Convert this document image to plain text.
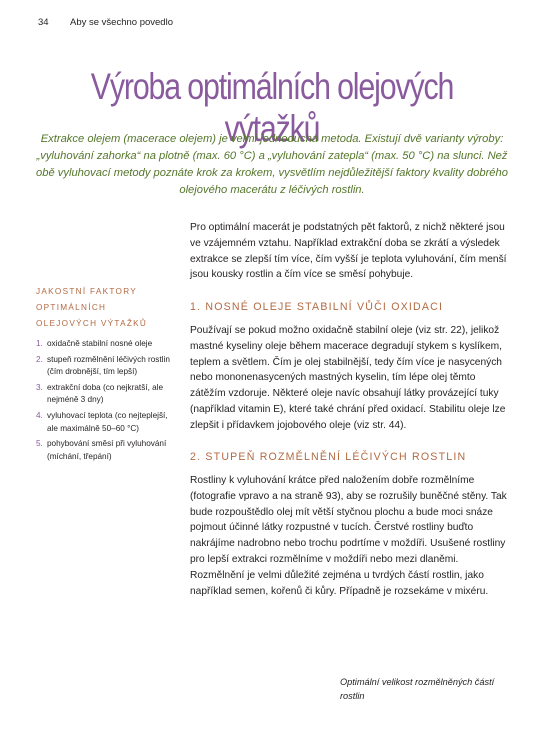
34 Aby se všechno povedlo
Výroba optimálních olejových výtažků
Extrakce olejem (macerace olejem) je velmi jednoduchá metoda. Existují dvě varianty výroby: „vyluhování zahorka“ na plotně (max. 60 °C) a „vyluhování zatepla“ (max. 50 °C) na slunci. Než obě vyluhovací metody poznáte krok za krokem, vysvětlím nejdůležitější faktory kvality dobrého olejového macerátu z léčivých rostlin.
JAKOSTNÍ FAKTORY OPTIMÁLNÍCH OLEJOVÝCH VÝTAŽKŮ
1. oxidačně stabilní nosné oleje
2. stupeň rozmělnění léčivých rostlin (čím drobnější, tím lepší)
3. extrakční doba (co nejkratší, ale nejméně 3 dny)
4. vyluhovací teplota (co nejteplejší, ale maximálně 50–60 °C)
5. pohybování směsí při vyluhování (míchání, třepání)

Pro optimální macerát je podstatných pět faktorů, z nichž některé jsou ve vzájemném vztahu. Například extrakční doba se zkrátí a výsledek extrakce se zlepší tím více, čím vyšší je teplota vyluhování, čím menší jsou kousky rostlin a čím více se směsí pohybuje.

1. NOSNÉ OLEJE STABILNÍ VŮČI OXIDACI

Používají se pokud možno oxidačně stabilní oleje (viz str. 22), jelikož mastné kyseliny oleje během macerace degradují stykem s kyslíkem, teplem a světlem. Čím je olej stabilnější, tedy čím více je nasycených nebo mononenasycených mastných kyselin, tím lépe olej těmto zátěžím vzdoruje. Některé oleje navíc obsahují látky provázející tuky (například vitamin E), které také chrání před oxidací. Stabilitu oleje lze zlepšit i přídavkem jojobového oleje (viz str. 44).

2. STUPEŇ ROZMĚLNĚNÍ LÉČIVÝCH ROSTLIN

Rostliny k vyluhování krátce před naložením dobře rozmělníme (fotografie vpravo a na straně 93), aby se rozrušily buněčné stěny. Tak bude rozpouštědlo olej mít větší styčnou plochu a bude moci snáze pojmout účinné látky rozpustné v tucích. Čerstvé rostliny buďto nakrájíme nadrobno nebo trochu podrtíme v moždíři. Usušené rostliny pro lepší extrakci rozmělníme v moždíři nebo mezi dlaněmi. Rozmělnění je velmi důležité zejména u tvrdých částí rostlin, jako například semen, kořenů či kůry. Případně je rozsekáme v mixéru.

Optimální velikost rozmělněných částí rostlin
